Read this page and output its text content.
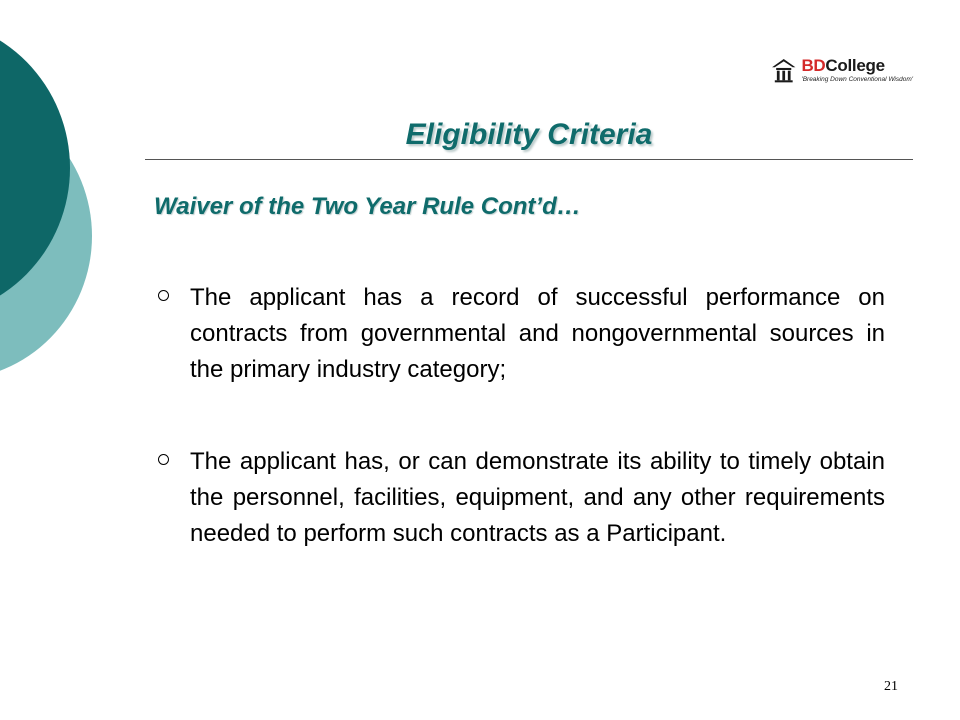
BDCollege
'Breaking Down Conventional Wisdom'
Eligibility Criteria
Waiver of the Two Year Rule Cont’d…
The applicant has a record of successful performance on contracts from governmental and nongovernmental sources in the primary industry category;
The applicant has, or can demonstrate its ability to timely obtain the personnel, facilities, equipment, and any other requirements needed to perform such contracts as a Participant.
21
